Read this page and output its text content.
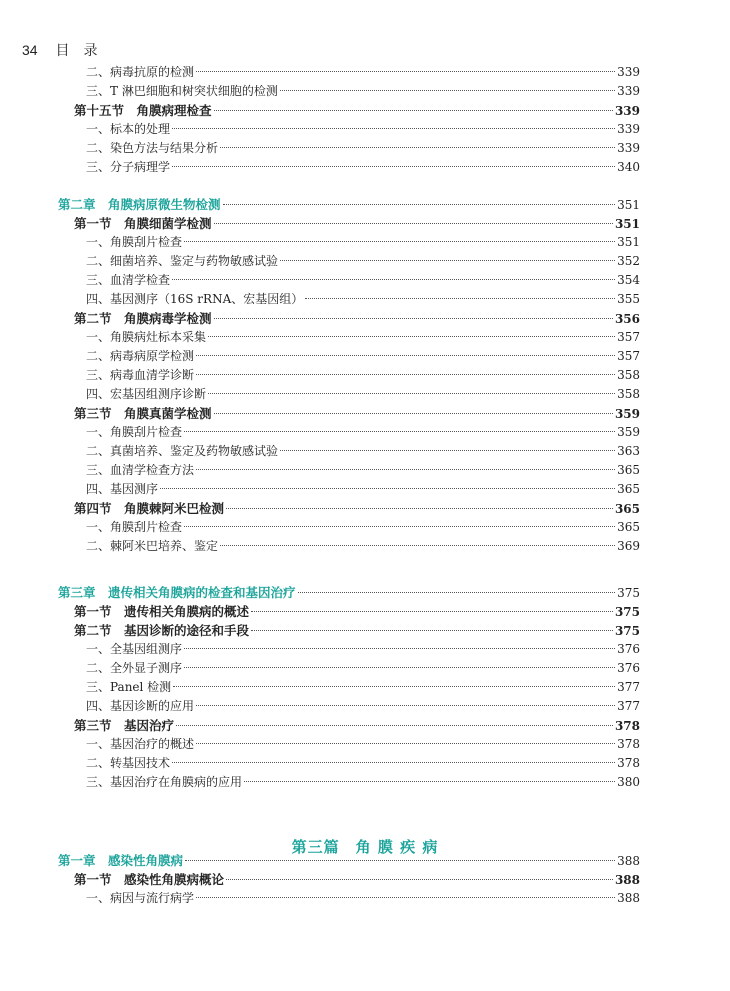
34 目　录
二、病毒抗原的检测	339
三、T 淋巴细胞和树突状细胞的检测	339
第十五节　角膜病理检查	339
一、标本的处理	339
二、染色方法与结果分析	339
三、分子病理学	340
第二章　角膜病原微生物检测	351
第一节　角膜细菌学检测	351
一、角膜刮片检查	351
二、细菌培养、鉴定与药物敏感试验	352
三、血清学检查	354
四、基因测序（16S rRNA、宏基因组）	355
第二节　角膜病毒学检测	356
一、角膜病灶标本采集	357
二、病毒病原学检测	357
三、病毒血清学诊断	358
四、宏基因组测序诊断	358
第三节　角膜真菌学检测	359
一、角膜刮片检查	359
二、真菌培养、鉴定及药物敏感试验	363
三、血清学检查方法	365
四、基因测序	365
第四节　角膜棘阿米巴检测	365
一、角膜刮片检查	365
二、棘阿米巴培养、鉴定	369
第三章　遗传相关角膜病的检查和基因治疗	375
第一节　遗传相关角膜病的概述	375
第二节　基因诊断的途径和手段	375
一、全基因组测序	376
二、全外显子测序	376
三、Panel 检测	377
四、基因诊断的应用	377
第三节　基因治疗	378
一、基因治疗的概述	378
二、转基因技术	378
三、基因治疗在角膜病的应用	380
第一章　感染性角膜病	388
第一节　感染性角膜病概论	388
一、病因与流行病学	388
第三篇　角 膜 疾 病
